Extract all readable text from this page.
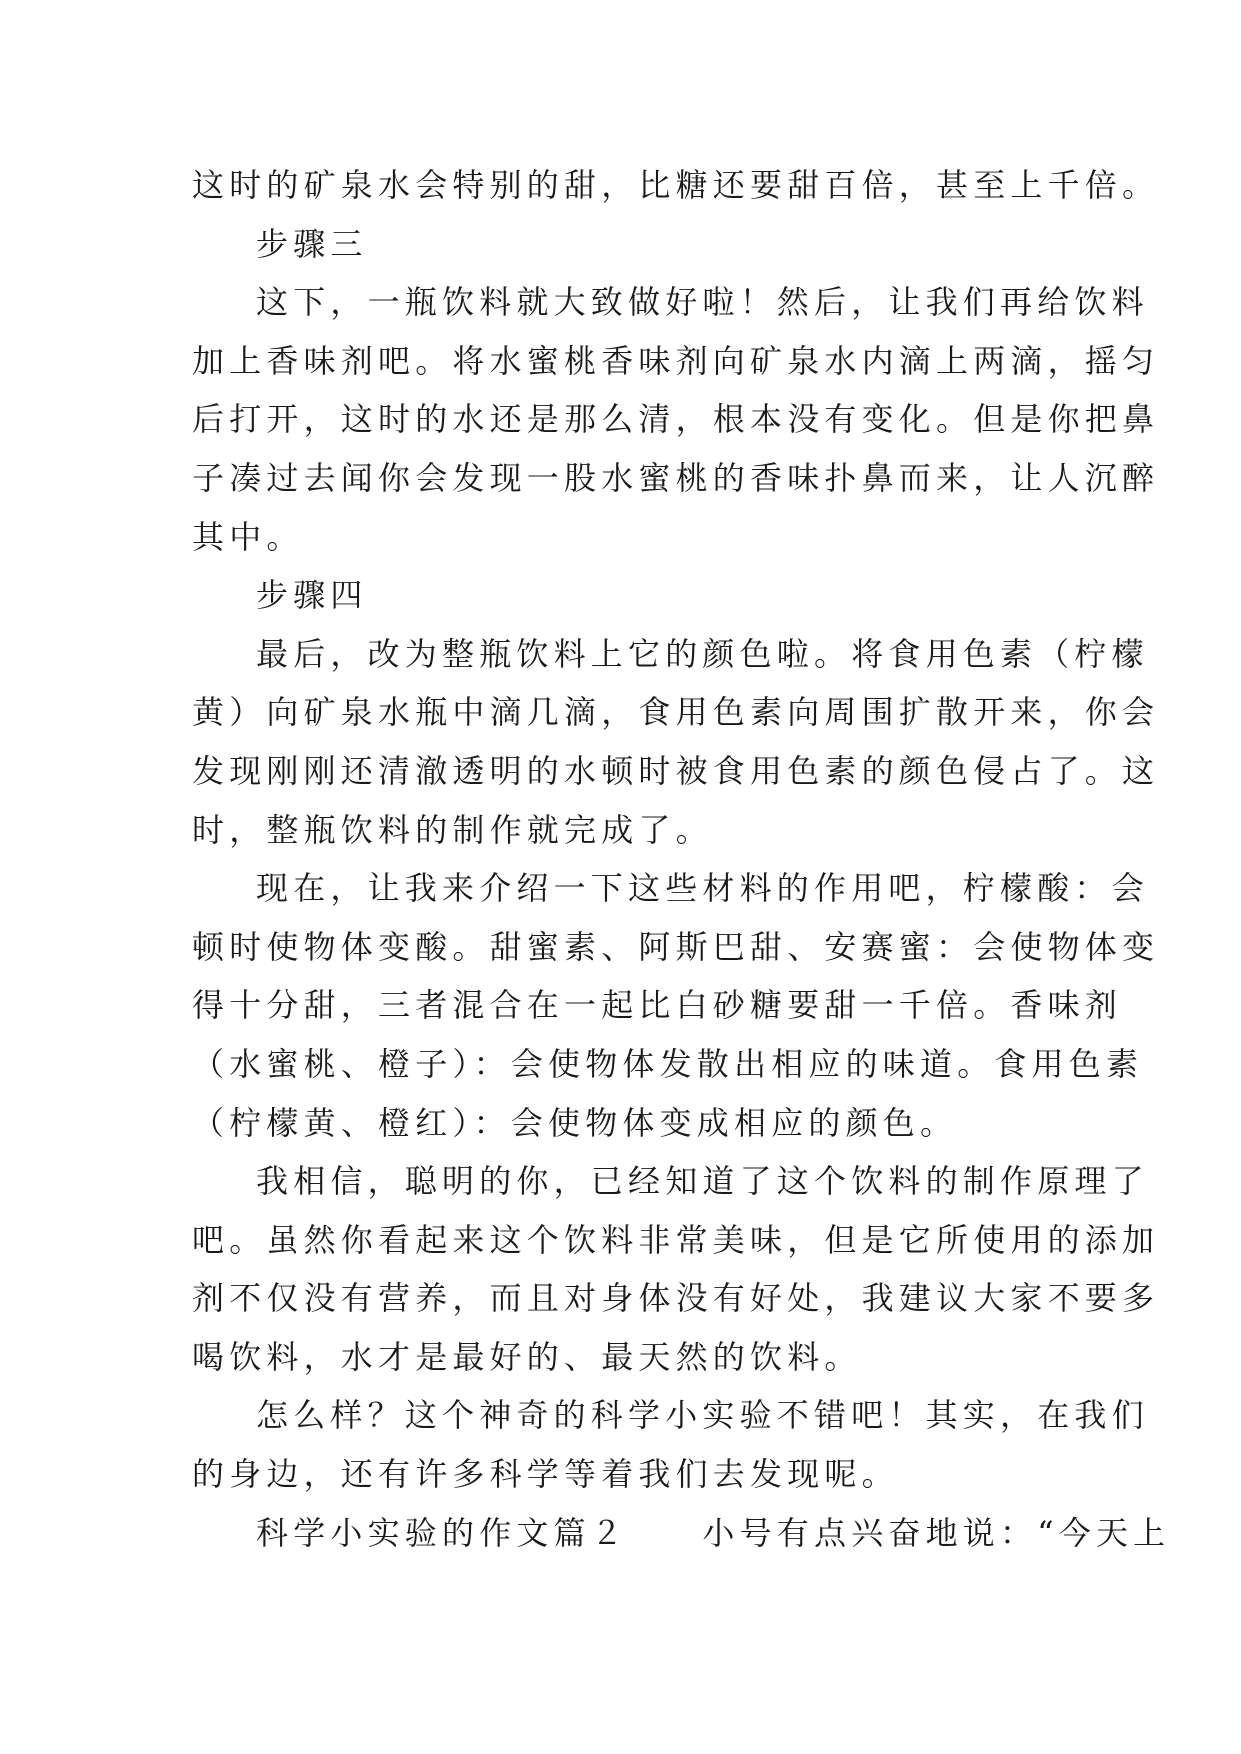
这时的矿泉水会特别的甜，比糖还要甜百倍，甚至上千倍。
步骤三
这下，一瓶饮料就大致做好啦！然后，让我们再给饮料
加上香味剂吧。将水蜜桃香味剂向矿泉水内滴上两滴，摇匀
后打开，这时的水还是那么清，根本没有变化。但是你把鼻
子凑过去闻你会发现一股水蜜桃的香味扑鼻而来，让人沉醉
其中。
步骤四
最后，改为整瓶饮料上它的颜色啦。将食用色素（柠檬
黄）向矿泉水瓶中滴几滴，食用色素向周围扩散开来，你会
发现刚刚还清澈透明的水顿时被食用色素的颜色侵占了。这
时，整瓶饮料的制作就完成了。
现在，让我来介绍一下这些材料的作用吧，柠檬酸：会
顿时使物体变酸。甜蜜素、阿斯巴甜、安赛蜜：会使物体变
得十分甜，三者混合在一起比白砂糖要甜一千倍。香味剂
（水蜜桃、橙子）：会使物体发散出相应的味道。食用色素
（柠檬黄、橙红）：会使物体变成相应的颜色。
我相信，聪明的你，已经知道了这个饮料的制作原理了
吧。虽然你看起来这个饮料非常美味，但是它所使用的添加
剂不仅没有营养，而且对身体没有好处，我建议大家不要多
喝饮料，水才是最好的、最天然的饮料。
怎么样？这个神奇的科学小实验不错吧！其实，在我们
的身边，还有许多科学等着我们去发现呢。
科学小实验的作文篇２　　小号有点兴奋地说：“今天上
